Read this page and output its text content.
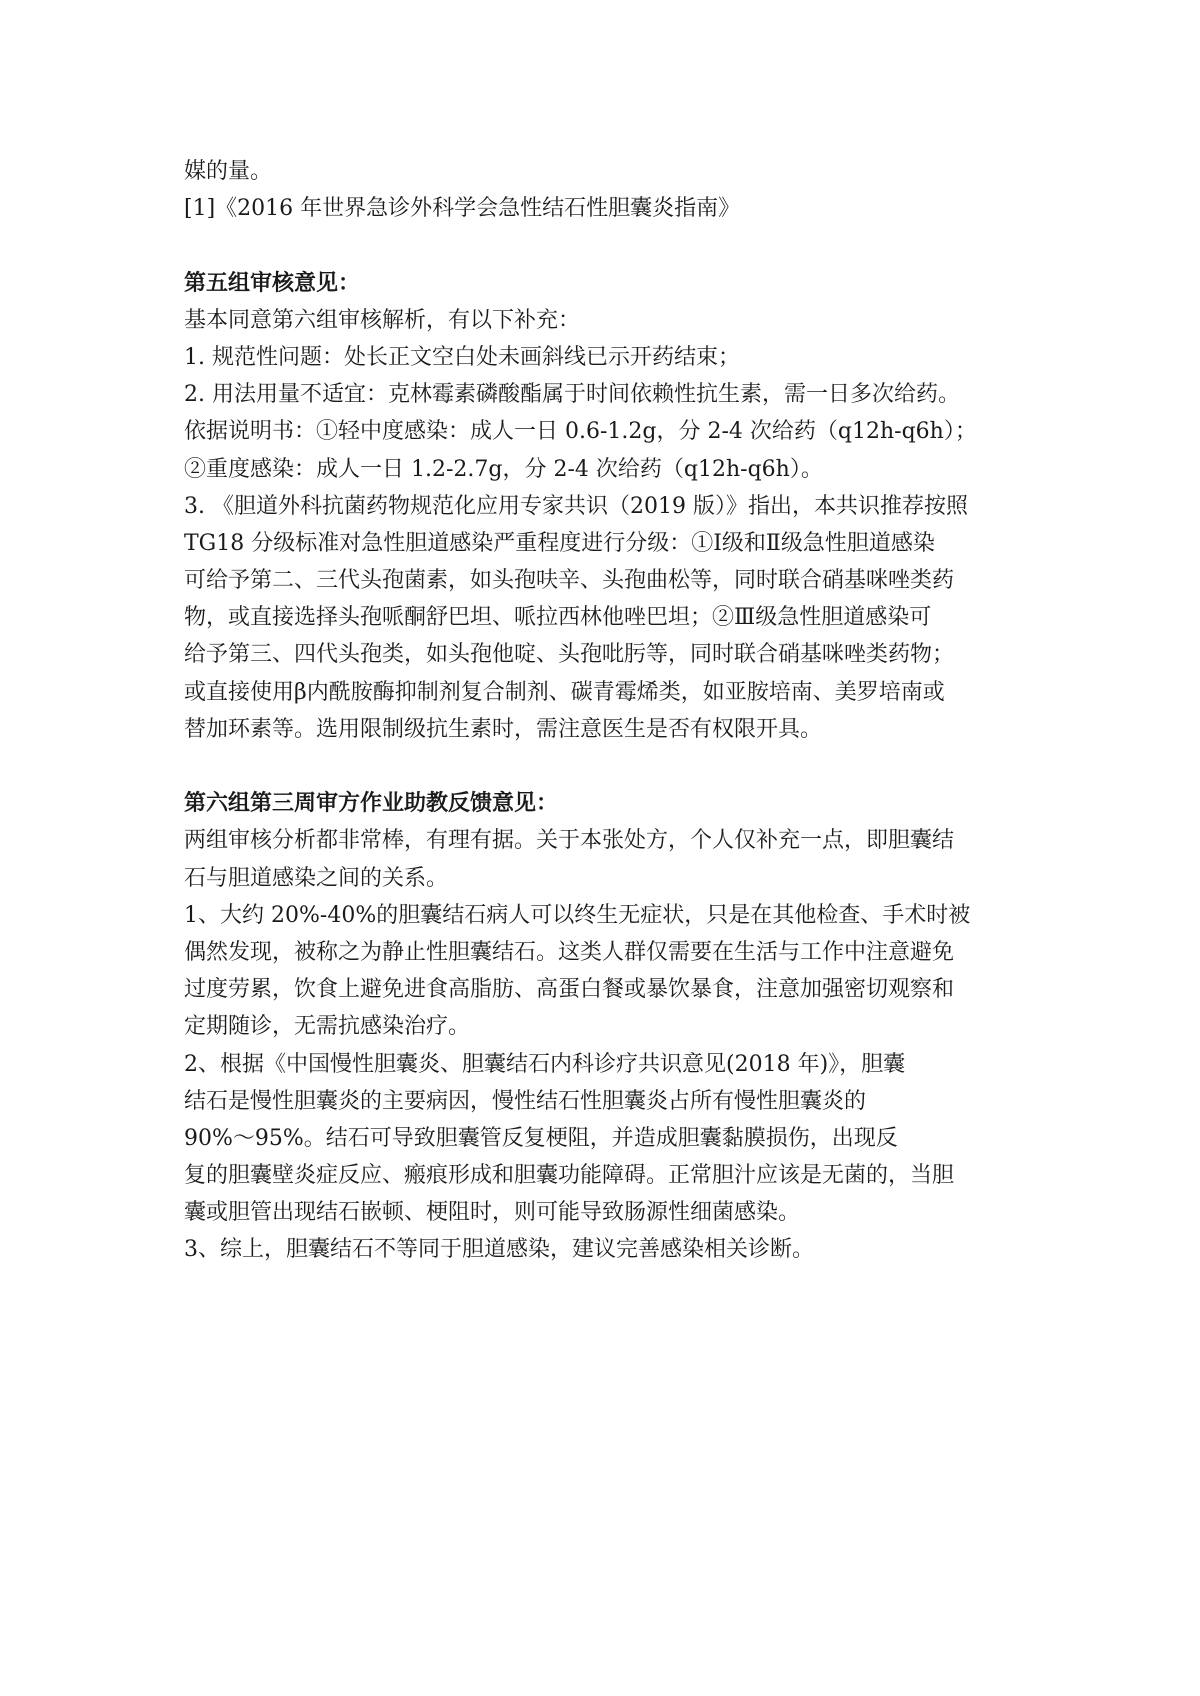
媒的量。
[1]《2016 年世界急诊外科学会急性结石性胆囊炎指南》
第五组审核意见：
基本同意第六组审核解析，有以下补充：
1. 规范性问题：处长正文空白处未画斜线已示开药结束；
2. 用法用量不适宜：克林霉素磷酸酯属于时间依赖性抗生素，需一日多次给药。
依据说明书：①轻中度感染：成人一日 0.6-1.2g，分 2-4 次给药（q12h-q6h）；
②重度感染：成人一日 1.2-2.7g，分 2-4 次给药（q12h-q6h）。
3. 《胆道外科抗菌药物规范化应用专家共识（2019 版）》指出，本共识推荐按照
TG18 分级标准对急性胆道感染严重程度进行分级：①Ⅰ级和Ⅱ级急性胆道感染
可给予第二、三代头孢菌素，如头孢呋辛、头孢曲松等，同时联合硝基咪唑类药
物，或直接选择头孢哌酮舒巴坦、哌拉西林他唑巴坦；②Ⅲ级急性胆道感染可
给予第三、四代头孢类，如头孢他啶、头孢吡肟等，同时联合硝基咪唑类药物；
或直接使用β内酰胺酶抑制剂复合制剂、碳青霉烯类，如亚胺培南、美罗培南或
替加环素等。选用限制级抗生素时，需注意医生是否有权限开具。
第六组第三周审方作业助教反馈意见：
两组审核分析都非常棒，有理有据。关于本张处方，个人仅补充一点，即胆囊结
石与胆道感染之间的关系。
1、大约 20%-40%的胆囊结石病人可以终生无症状，只是在其他检查、手术时被
偶然发现，被称之为静止性胆囊结石。这类人群仅需要在生活与工作中注意避免
过度劳累，饮食上避免进食高脂肪、高蛋白餐或暴饮暴食，注意加强密切观察和
定期随诊，无需抗感染治疗。
2、根据《中国慢性胆囊炎、胆囊结石内科诊疗共识意见(2018 年)》，胆囊
结石是慢性胆囊炎的主要病因，慢性结石性胆囊炎占所有慢性胆囊炎的
90%～95%。结石可导致胆囊管反复梗阻，并造成胆囊黏膜损伤，出现反
复的胆囊壁炎症反应、瘢痕形成和胆囊功能障碍。正常胆汁应该是无菌的，当胆
囊或胆管出现结石嵌顿、梗阻时，则可能导致肠源性细菌感染。
3、综上，胆囊结石不等同于胆道感染，建议完善感染相关诊断。
